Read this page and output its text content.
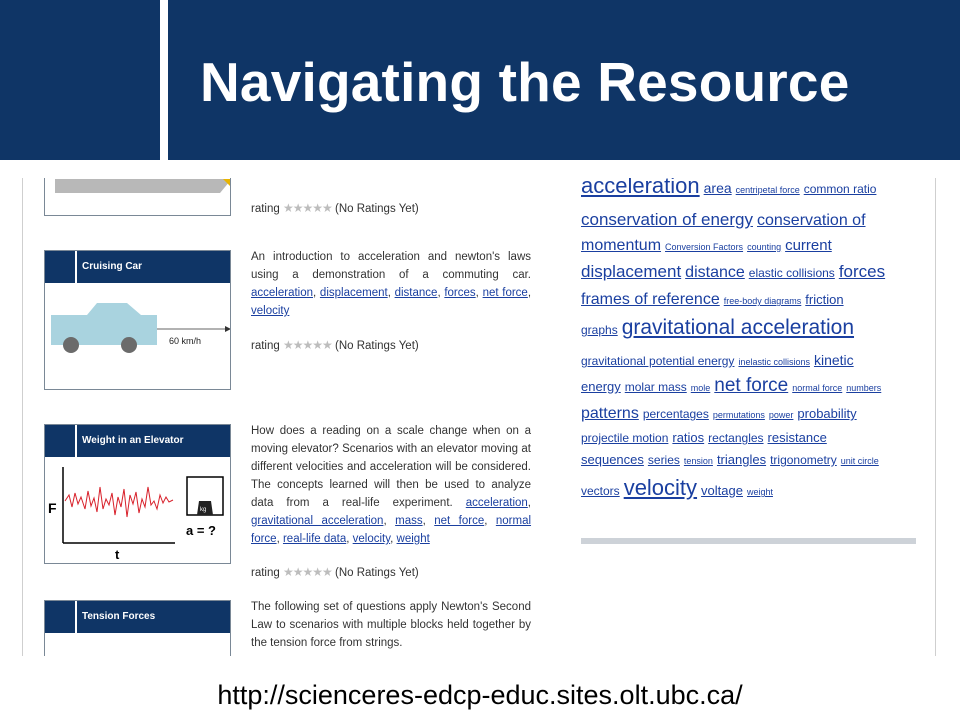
Navigating the Resource
rating ★★★★★ (No Ratings Yet)
Cruising Car
60 km/h
An introduction to acceleration and newton's laws using a demonstration of a commuting car. acceleration, displacement, distance, forces, net force, velocity
rating ★★★★★ (No Ratings Yet)
Weight in an Elevator
F
t
kg
a = ?
How does a reading on a scale change when on a moving elevator? Scenarios with an elevator moving at different velocities and acceleration will be considered. The concepts learned will then be used to analyze data from a real-life experiment. acceleration, gravitational acceleration, mass, net force, normal force, real-life data, velocity, weight
rating ★★★★★ (No Ratings Yet)
Tension Forces
The following set of questions apply Newton's Second Law to scenarios with multiple blocks held together by the tension force from strings.
acceleration area centripetal force common ratio
conservation of energy conservation of
momentum Conversion Factors counting current
displacement distance elastic collisions forces
frames of reference free-body diagrams friction
graphs gravitational acceleration
gravitational potential energy inelastic collisions kinetic
energy molar mass mole net force normal force numbers
patterns percentages permutations power probability
projectile motion ratios rectangles resistance
sequences series tension triangles trigonometry unit circle
vectors velocity voltage weight
http://scienceres-edcp-educ.sites.olt.ubc.ca/
